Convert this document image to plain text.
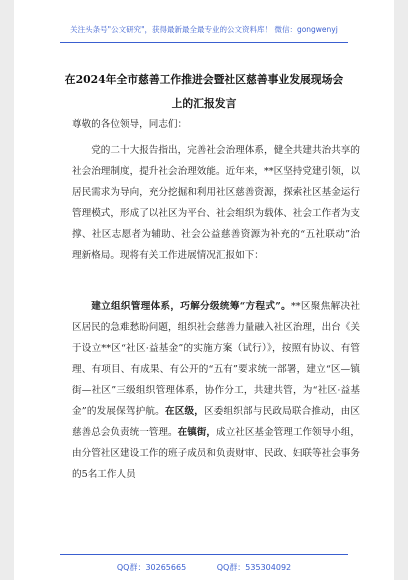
关注头条号"公文研究"，获得最新最全最专业的公文资料库！ 微信：gongwenyj
在2024年全市慈善工作推进会暨社区慈善事业发展现场会上的汇报发言
尊敬的各位领导，同志们：
党的二十大报告指出，完善社会治理体系，健全共建共治共享的社会治理制度，提升社会治理效能。近年来，**区坚持党建引领，以居民需求为导向，充分挖掘和利用社区慈善资源，探索社区基金运行管理模式，形成了以社区为平台、社会组织为载体、社会工作者为支撑、社区志愿者为辅助、社会公益慈善资源为补充的“五社联动”治理新格局。现将有关工作进展情况汇报如下：
建立组织管理体系，巧解分级统筹“方程式”。**区聚焦解决社区居民的急难愁盼问题，组织社会慈善力量融入社区治理，出台《关于设立**区“社区·益基金”的实施方案（试行）》，按照有协议、有管理、有项目、有成果、有公开的“五有”要求统一部署，建立“区—镇街—社区”三级组织管理体系，协作分工，共建共管，为“社区·益基金”的发展保驾护航。在区级，区委组织部与民政局联合推动，由区慈善总会负责统一管理。在镇街，成立社区基金管理工作领导小组，由分管社区建设工作的班子成员和负责财审、民政、妇联等社会事务的5名工作人员
QQ群：30265665	QQ群：535304092
